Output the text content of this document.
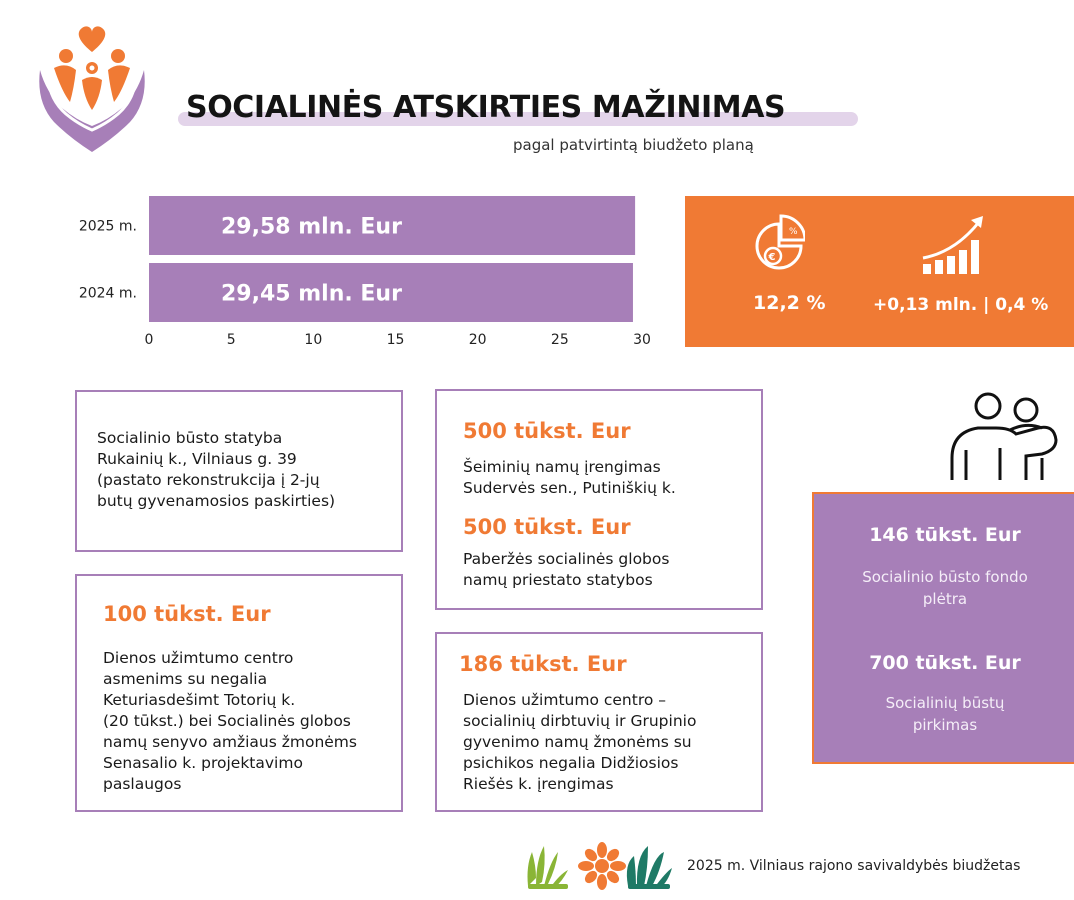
SOCIALINĖS ATSKIRTIES MAŽINIMAS
pagal patvirtintą biudžeto planą
2025 m.	29,58 mln. Eur
2024 m.	29,45 mln. Eur
0	5	10	15	20	25	30
%
€
12,2 %	+0,13 mln. | 0,4 %
Socialinio būsto statyba
Rukainių k., Vilniaus g. 39
(pastato rekonstrukcija į 2-jų
butų gyvenamosios paskirties)
100 tūkst. Eur
Dienos užimtumo centro
asmenims su negalia
Keturiasdešimt Totorių k.
(20 tūkst.) bei Socialinės globos
namų senyvo amžiaus žmonėms
Senasalio k. projektavimo
paslaugos
500 tūkst. Eur
Šeiminių namų įrengimas
Sudervės sen., Putiniškių k.
500 tūkst. Eur
Paberžės socialinės globos
namų priestato statybos
186 tūkst. Eur
Dienos užimtumo centro –
socialinių dirbtuvių ir Grupinio
gyvenimo namų žmonėms su
psichikos negalia Didžiosios
Riešės k. įrengimas
146 tūkst. Eur
Socialinio būsto fondo
plėtra
700 tūkst. Eur
Socialinių būstų
pirkimas
2025 m. Vilniaus rajono savivaldybės biudžetas
